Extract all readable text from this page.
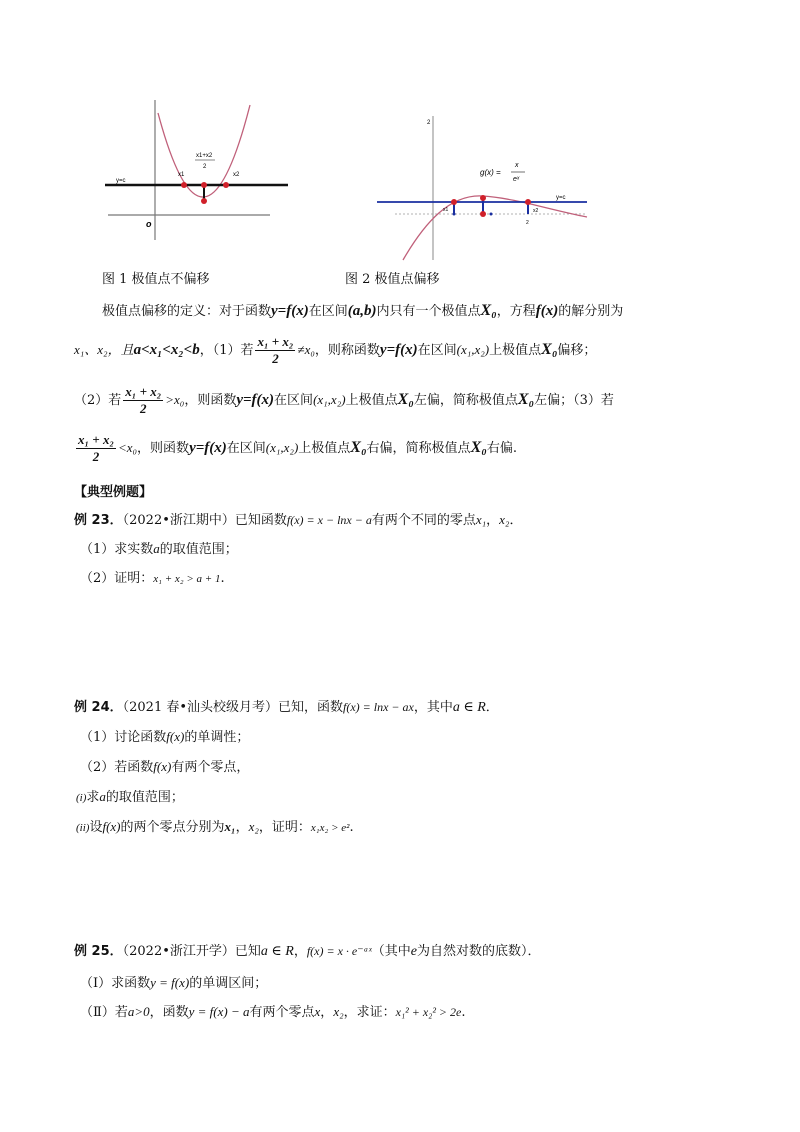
y=c
x1	x2
x1+x2
2
o
图 1 极值点不偏移
2
g(x) =
x
eˣ
y=c
x1	x2
2
图 2 极值点偏移
极值点偏移的定义：对于函数y=f(x)在区间(a,b)内只有一个极值点X₀，方程f(x)的解分别为
x₁、x₂，且a<x₁<x₂<b，（1）若 $\frac{\text{x₁ + x₂}}{2} \ne x_0$，则称函数y=f(x)在区间(x₁,x₂)上极值点X₀偏移；
（2）若 $\frac{\text{x₁ + x₂}}{2} >x_0$，则函数y=f(x)在区间(x₁,x₂)上极值点X₀左偏，简称极值点X₀左偏；（3）若
$\frac{\text{x₁ + x₂}}{2} <x_0$，则函数y=f(x)在区间(x₁,x₂)上极值点X₀右偏，简称极值点X₀右偏.
【典型例题】
例 23．（2022•浙江期中）已知函数f(x) = x − lnx − a有两个不同的零点x₁，x₂．
（1）求实数a的取值范围；
（2）证明：x₁ + x₂ > a + 1.
例 24．（2021 春•汕头校级月考）已知，函数f(x) = lnx − ax，其中a ∈ R．
（1）讨论函数f(x)的单调性；
（2）若函数f(x)有两个零点，
(i)求a的取值范围；
(ii)设f(x)的两个零点分别为x₁，x₂，证明：x₁x₂ > e².
例 25．（2022•浙江开学）已知a ∈ R，f(x) = x · e⁻ᵃˣ（其中e为自然对数的底数）．
（Ⅰ）求函数y = f(x)的单调区间；
（Ⅱ）若a>0，函数y = f(x) − a有两个零点x，x₂，求证：x₁² + x₂² > 2e.
